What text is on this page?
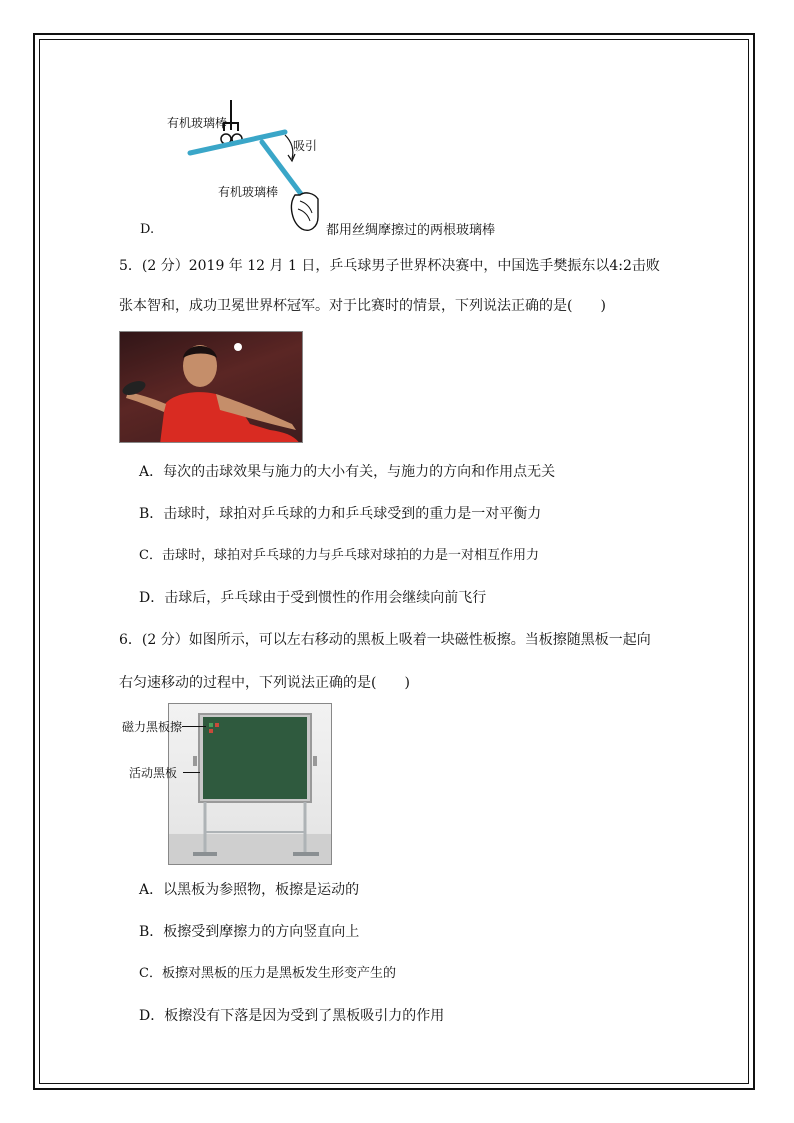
有机玻璃棒
吸引
有机玻璃棒
D.	都用丝绸摩擦过的两根玻璃棒
5．(2 分）2019 年 12 月 1 日，乒乓球男子世界杯决赛中，中国选手樊振东以4:2击败
张本智和，成功卫冕世界杯冠军。对于比赛时的情景，下列说法正确的是(　　)
A．每次的击球效果与施力的大小有关，与施力的方向和作用点无关
B．击球时，球拍对乒乓球的力和乒乓球受到的重力是一对平衡力
C．击球时，球拍对乒乓球的力与乒乓球对球拍的力是一对相互作用力
D．击球后，乒乓球由于受到惯性的作用会继续向前飞行
6．(2 分）如图所示，可以左右移动的黑板上吸着一块磁性板擦。当板擦随黑板一起向
右匀速移动的过程中，下列说法正确的是(　　)
磁力黑板擦
活动黑板
A．以黑板为参照物，板擦是运动的
B．板擦受到摩擦力的方向竖直向上
C．板擦对黑板的压力是黑板发生形变产生的
D．板擦没有下落是因为受到了黑板吸引力的作用
